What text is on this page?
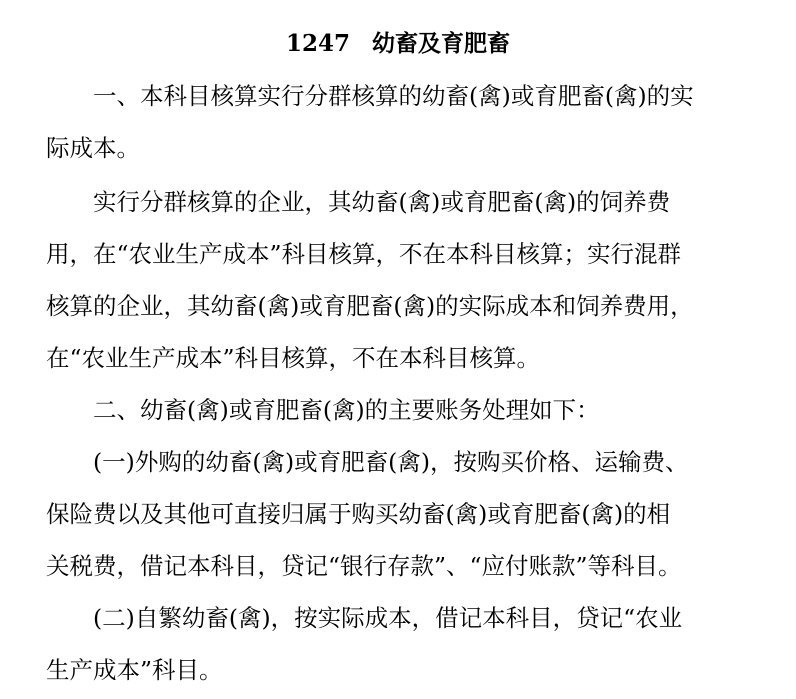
1247 幼畜及育肥畜

一、本科目核算实行分群核算的幼畜(禽)或育肥畜(禽)的实
际成本。

实行分群核算的企业，其幼畜(禽)或育肥畜(禽)的饲养费
用，在“农业生产成本”科目核算，不在本科目核算；实行混群
核算的企业，其幼畜(禽)或育肥畜(禽)的实际成本和饲养费用，
在“农业生产成本”科目核算，不在本科目核算。

二、幼畜(禽)或育肥畜(禽)的主要账务处理如下：

(一)外购的幼畜(禽)或育肥畜(禽)，按购买价格、运输费、
保险费以及其他可直接归属于购买幼畜(禽)或育肥畜(禽)的相
关税费，借记本科目，贷记“银行存款”、“应付账款”等科目。

(二)自繁幼畜(禽)，按实际成本，借记本科目，贷记“农业
生产成本”科目。
